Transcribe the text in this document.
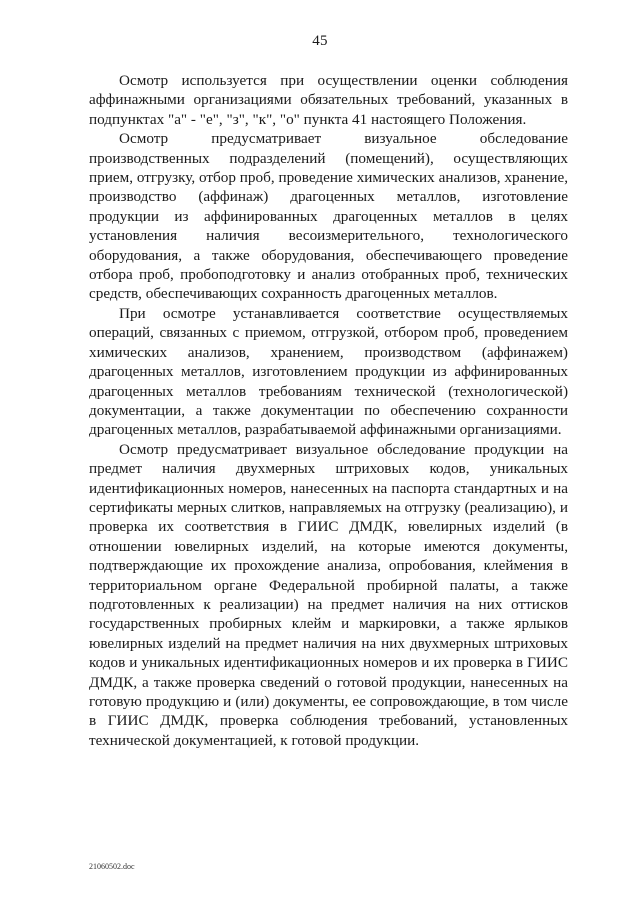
45

Осмотр используется при осуществлении оценки соблюдения аффинажными организациями обязательных требований, указанных в подпунктах "а" - "е", "з", "к", "о" пункта 41 настоящего Положения.

Осмотр предусматривает визуальное обследование производственных подразделений (помещений), осуществляющих прием, отгрузку, отбор проб, проведение химических анализов, хранение, производство (аффинаж) драгоценных металлов, изготовление продукции из аффинированных драгоценных металлов в целях установления наличия весоизмерительного, технологического оборудования, а также оборудования, обеспечивающего проведение отбора проб, пробоподготовку и анализ отобранных проб, технических средств, обеспечивающих сохранность драгоценных металлов.

При осмотре устанавливается соответствие осуществляемых операций, связанных с приемом, отгрузкой, отбором проб, проведением химических анализов, хранением, производством (аффинажем) драгоценных металлов, изготовлением продукции из аффинированных драгоценных металлов требованиям технической (технологической) документации, а также документации по обеспечению сохранности драгоценных металлов, разрабатываемой аффинажными организациями.

Осмотр предусматривает визуальное обследование продукции на предмет наличия двухмерных штриховых кодов, уникальных идентификационных номеров, нанесенных на паспорта стандартных и на сертификаты мерных слитков, направляемых на отгрузку (реализацию), и проверка их соответствия в ГИИС ДМДК, ювелирных изделий (в отношении ювелирных изделий, на которые имеются документы, подтверждающие их прохождение анализа, опробования, клеймения в территориальном органе Федеральной пробирной палаты, а также подготовленных к реализации) на предмет наличия на них оттисков государственных пробирных клейм и маркировки, а также ярлыков ювелирных изделий на предмет наличия на них двухмерных штриховых кодов и уникальных идентификационных номеров и их проверка в ГИИС ДМДК, а также проверка сведений о готовой продукции, нанесенных на готовую продукцию и (или) документы, ее сопровождающие, в том числе в ГИИС ДМДК, проверка соблюдения требований, установленных технической документацией, к готовой продукции.

21060502.doc
